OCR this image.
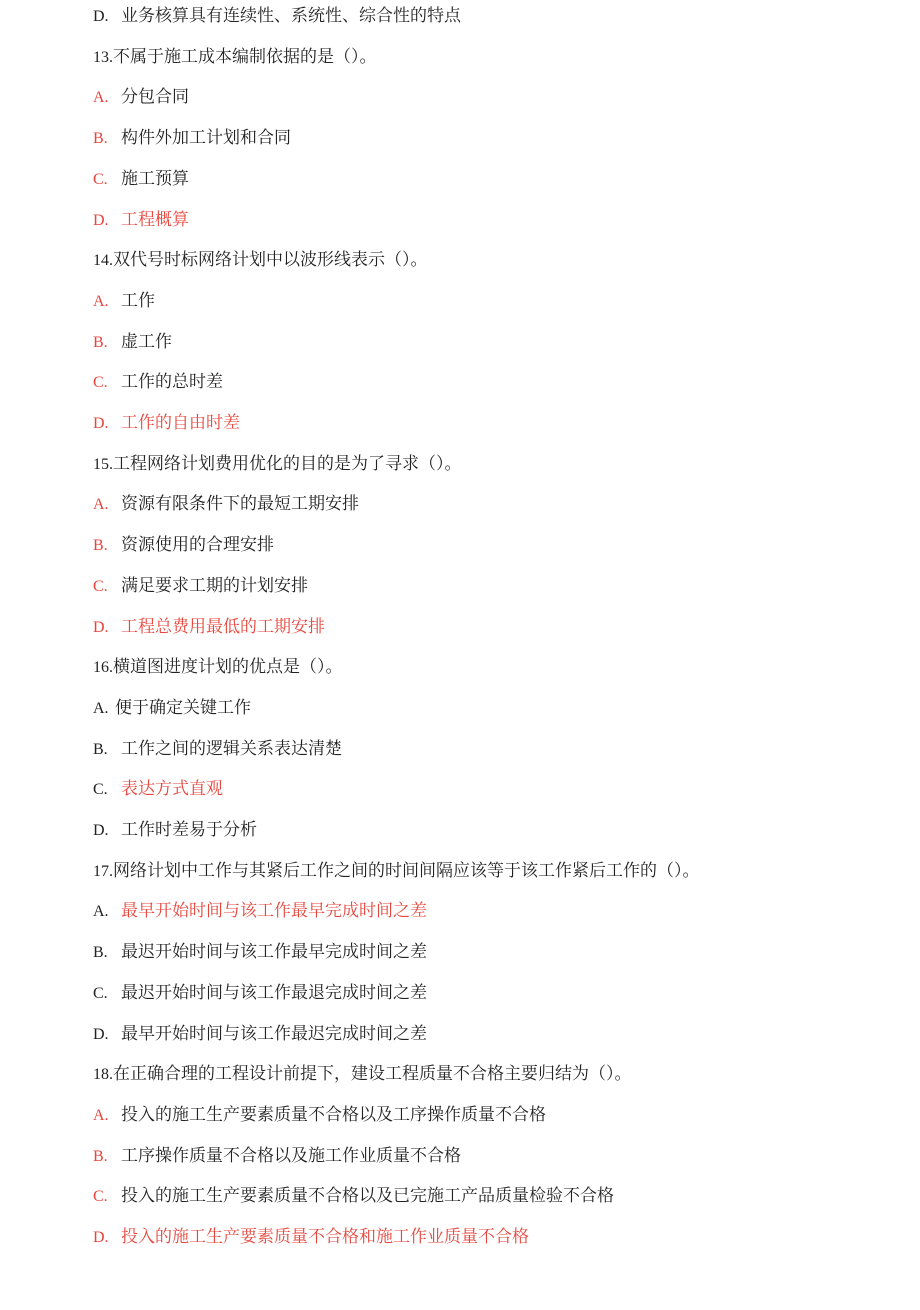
D. 业务核算具有连续性、系统性、综合性的特点
13.不属于施工成本编制依据的是（）。
A. 分包合同
B. 构件外加工计划和合同
C. 施工预算
D. 工程概算
14.双代号时标网络计划中以波形线表示（）。
A. 工作
B. 虚工作
C. 工作的总时差
D. 工作的自由时差
15.工程网络计划费用优化的目的是为了寻求（）。
A. 资源有限条件下的最短工期安排
B. 资源使用的合理安排
C. 满足要求工期的计划安排
D. 工程总费用最低的工期安排
16.横道图进度计划的优点是（）。
A. 便于确定关键工作
B. 工作之间的逻辑关系表达清楚
C. 表达方式直观
D. 工作时差易于分析
17.网络计划中工作与其紧后工作之间的时间间隔应该等于该工作紧后工作的（）。
A. 最早开始时间与该工作最早完成时间之差
B. 最迟开始时间与该工作最早完成时间之差
C. 最迟开始时间与该工作最退完成时间之差
D. 最早开始时间与该工作最迟完成时间之差
18.在正确合理的工程设计前提下，建设工程质量不合格主要归结为（）。
A. 投入的施工生产要素质量不合格以及工序操作质量不合格
B. 工序操作质量不合格以及施工作业质量不合格
C. 投入的施工生产要素质量不合格以及已完施工产品质量检验不合格
D. 投入的施工生产要素质量不合格和施工作业质量不合格
